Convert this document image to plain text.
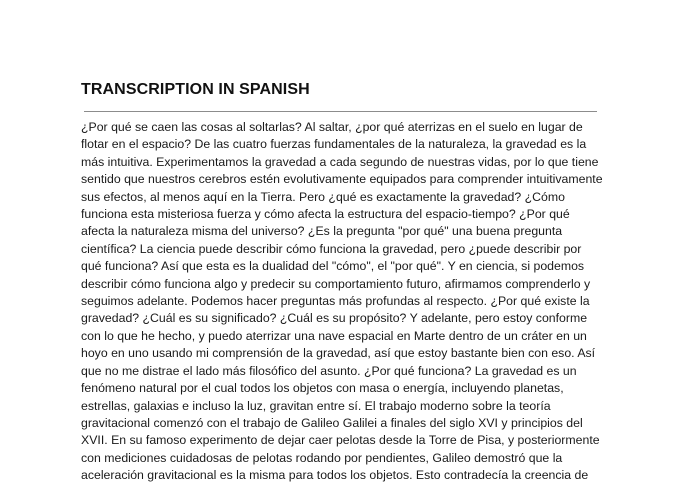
TRANSCRIPTION IN SPANISH

¿Por qué se caen las cosas al soltarlas? Al saltar, ¿por qué aterrizas en el suelo en lugar de
flotar en el espacio? De las cuatro fuerzas fundamentales de la naturaleza, la gravedad es la
más intuitiva. Experimentamos la gravedad a cada segundo de nuestras vidas, por lo que tiene
sentido que nuestros cerebros estén evolutivamente equipados para comprender intuitivamente
sus efectos, al menos aquí en la Tierra. Pero ¿qué es exactamente la gravedad? ¿Cómo
funciona esta misteriosa fuerza y cómo afecta la estructura del espacio-tiempo? ¿Por qué
afecta la naturaleza misma del universo? ¿Es la pregunta "por qué" una buena pregunta
científica? La ciencia puede describir cómo funciona la gravedad, pero ¿puede describir por
qué funciona? Así que esta es la dualidad del "cómo", el "por qué". Y en ciencia, si podemos
describir cómo funciona algo y predecir su comportamiento futuro, afirmamos comprenderlo y
seguimos adelante. Podemos hacer preguntas más profundas al respecto. ¿Por qué existe la
gravedad? ¿Cuál es su significado? ¿Cuál es su propósito? Y adelante, pero estoy conforme
con lo que he hecho, y puedo aterrizar una nave espacial en Marte dentro de un cráter en un
hoyo en uno usando mi comprensión de la gravedad, así que estoy bastante bien con eso. Así
que no me distrae el lado más filosófico del asunto. ¿Por qué funciona? La gravedad es un
fenómeno natural por el cual todos los objetos con masa o energía, incluyendo planetas,
estrellas, galaxias e incluso la luz, gravitan entre sí. El trabajo moderno sobre la teoría
gravitacional comenzó con el trabajo de Galileo Galilei a finales del siglo XVI y principios del
XVII. En su famoso experimento de dejar caer pelotas desde la Torre de Pisa, y posteriormente
con mediciones cuidadosas de pelotas rodando por pendientes, Galileo demostró que la
aceleración gravitacional es la misma para todos los objetos. Esto contradecía la creencia de
